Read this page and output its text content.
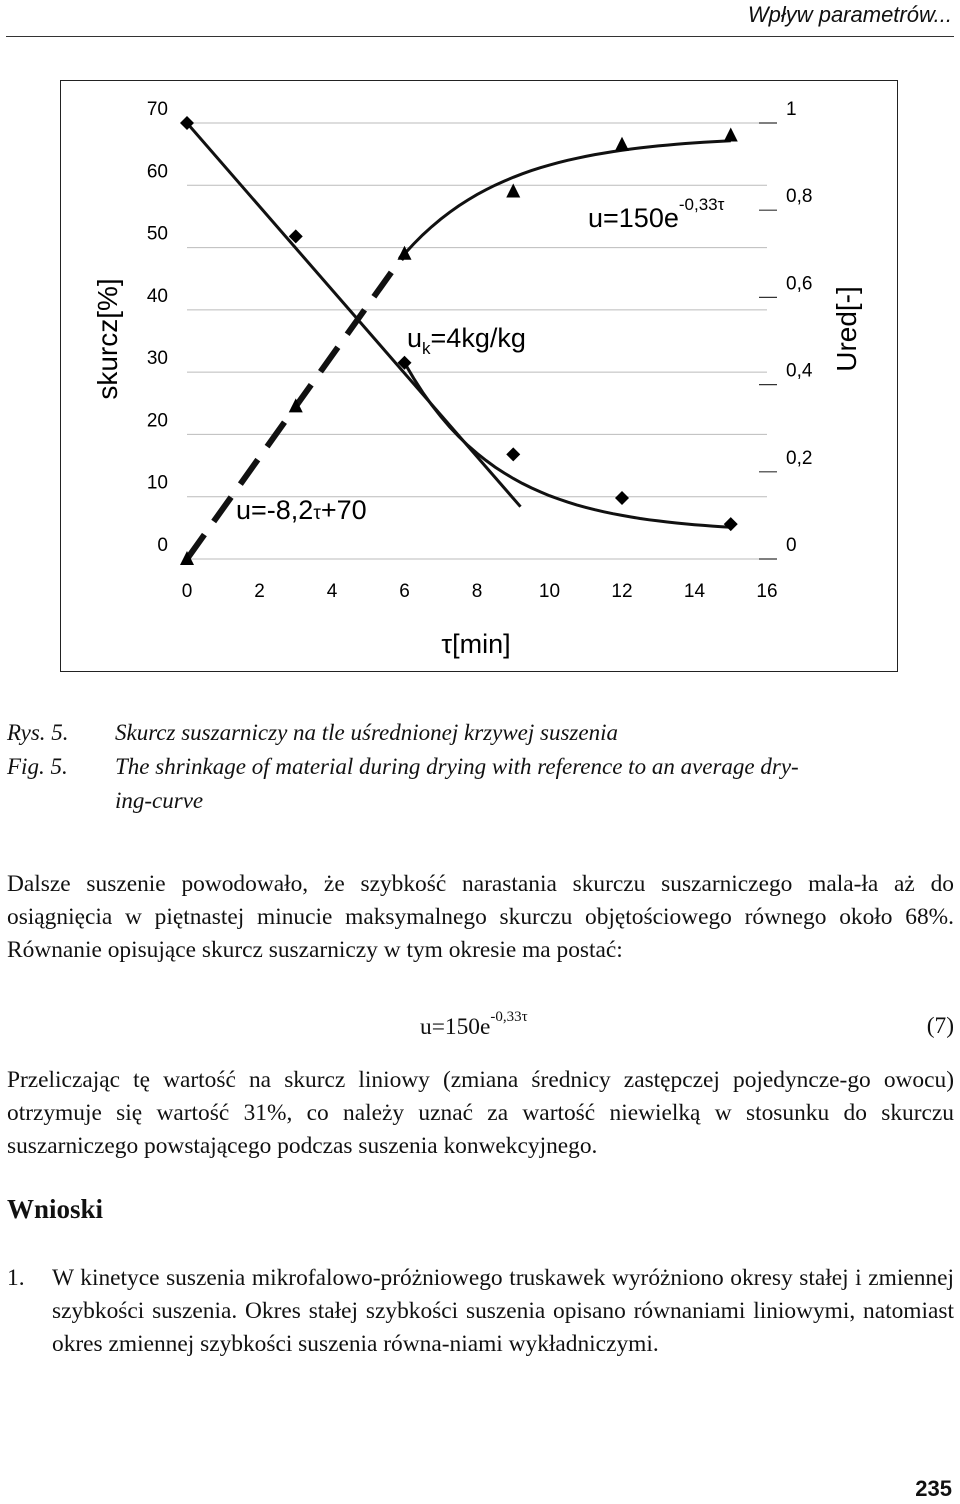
Wpływ parametrów...
0
10
20
30
40
50
60
70
0
0,2
0,4
0,6
0,8
1
0	2	4	6	8	10	12	14	16
skurcz[%]	Ured[-]
τ[min]
$u=150e^{-0,33\tau}$
$u_k=4kg/kg$
u=-8,2τ+70
Rys. 5. Skurcz suszarniczy na tle uśrednionej krzywej suszenia
Fig. 5. The shrinkage of material during drying with reference to an average dry-
ing-curve

Dalsze suszenie powodowało, że szybkość narastania skurczu suszarniczego mala-ła aż do osiągnięcia w piętnastej minucie maksymalnego skurczu objętościowego równego około 68%. Równanie opisujące skurcz suszarniczy w tym okresie ma postać:

$u=150e^{-0,33\tau}$	(7)

Przeliczając tę wartość na skurcz liniowy (zmiana średnicy zastępczej pojedyncze-go owocu) otrzymuje się wartość 31%, co należy uznać za wartość niewielką w stosunku do skurczu suszarniczego powstającego podczas suszenia konwekcyjnego.

Wnioski
1. W kinetyce suszenia mikrofalowo-próżniowego truskawek wyróżniono okresy stałej i zmiennej szybkości suszenia. Okres stałej szybkości suszenia opisano równaniami liniowymi, natomiast okres zmiennej szybkości suszenia równa-niami wykładniczymi.
235
